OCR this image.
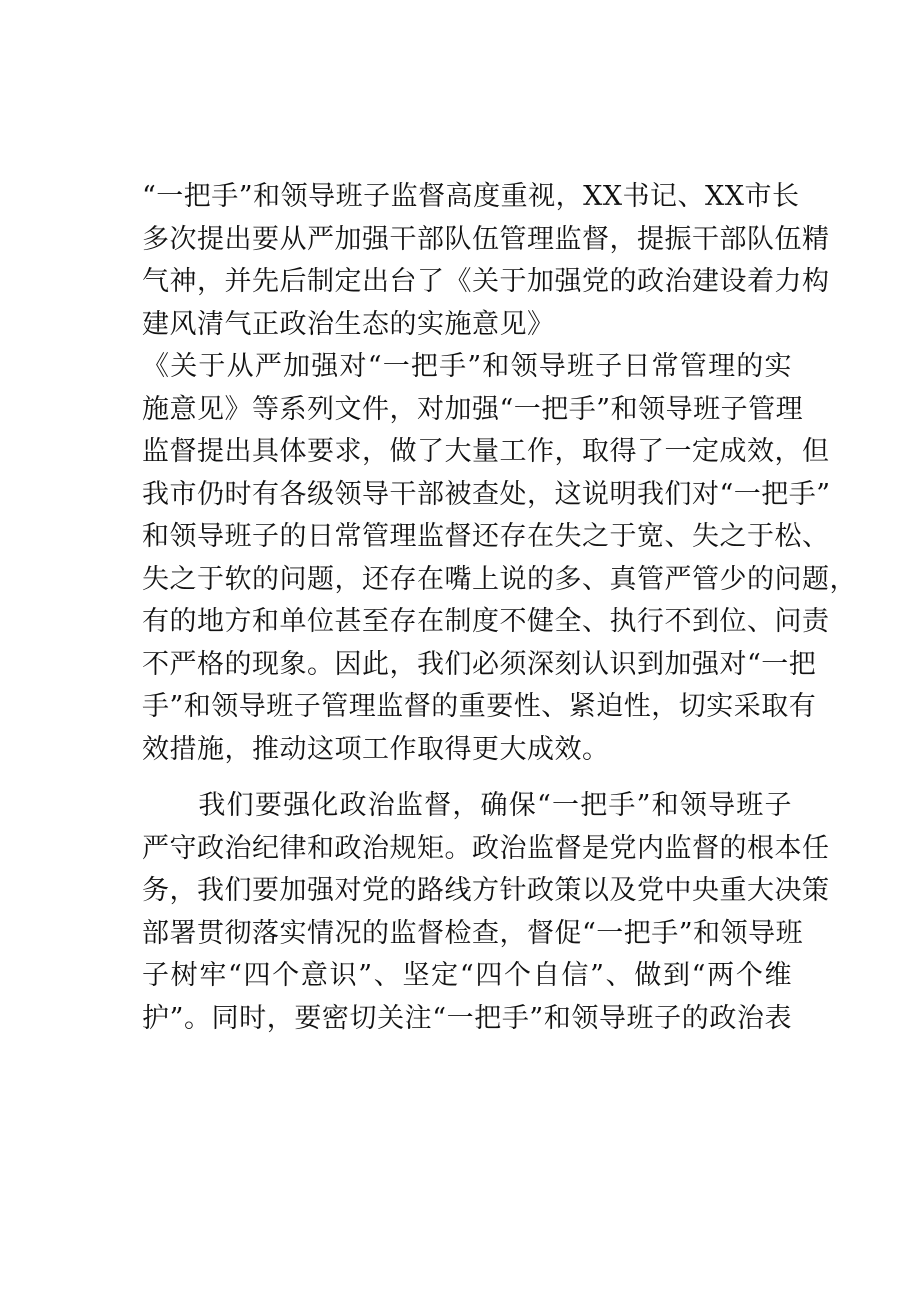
“一把手”和领导班子监督高度重视，XX书记、XX市长
多次提出要从严加强干部队伍管理监督，提振干部队伍精
气神，并先后制定出台了《关于加强党的政治建设着力构
建风清气正政治生态的实施意见》
《关于从严加强对“一把手”和领导班子日常管理的实
施意见》等系列文件，对加强“一把手”和领导班子管理
监督提出具体要求，做了大量工作，取得了一定成效，但
我市仍时有各级领导干部被查处，这说明我们对“一把手”
和领导班子的日常管理监督还存在失之于宽、失之于松、
失之于软的问题，还存在嘴上说的多、真管严管少的问题，
有的地方和单位甚至存在制度不健全、执行不到位、问责
不严格的现象。因此，我们必须深刻认识到加强对“一把
手”和领导班子管理监督的重要性、紧迫性，切实采取有
效措施，推动这项工作取得更大成效。
　　我们要强化政治监督，确保“一把手”和领导班子
严守政治纪律和政治规矩。政治监督是党内监督的根本任
务，我们要加强对党的路线方针政策以及党中央重大决策
部署贯彻落实情况的监督检查，督促“一把手”和领导班
子树牢“四个意识”、坚定“四个自信”、做到“两个维
护”。同时，要密切关注“一把手”和领导班子的政治表
